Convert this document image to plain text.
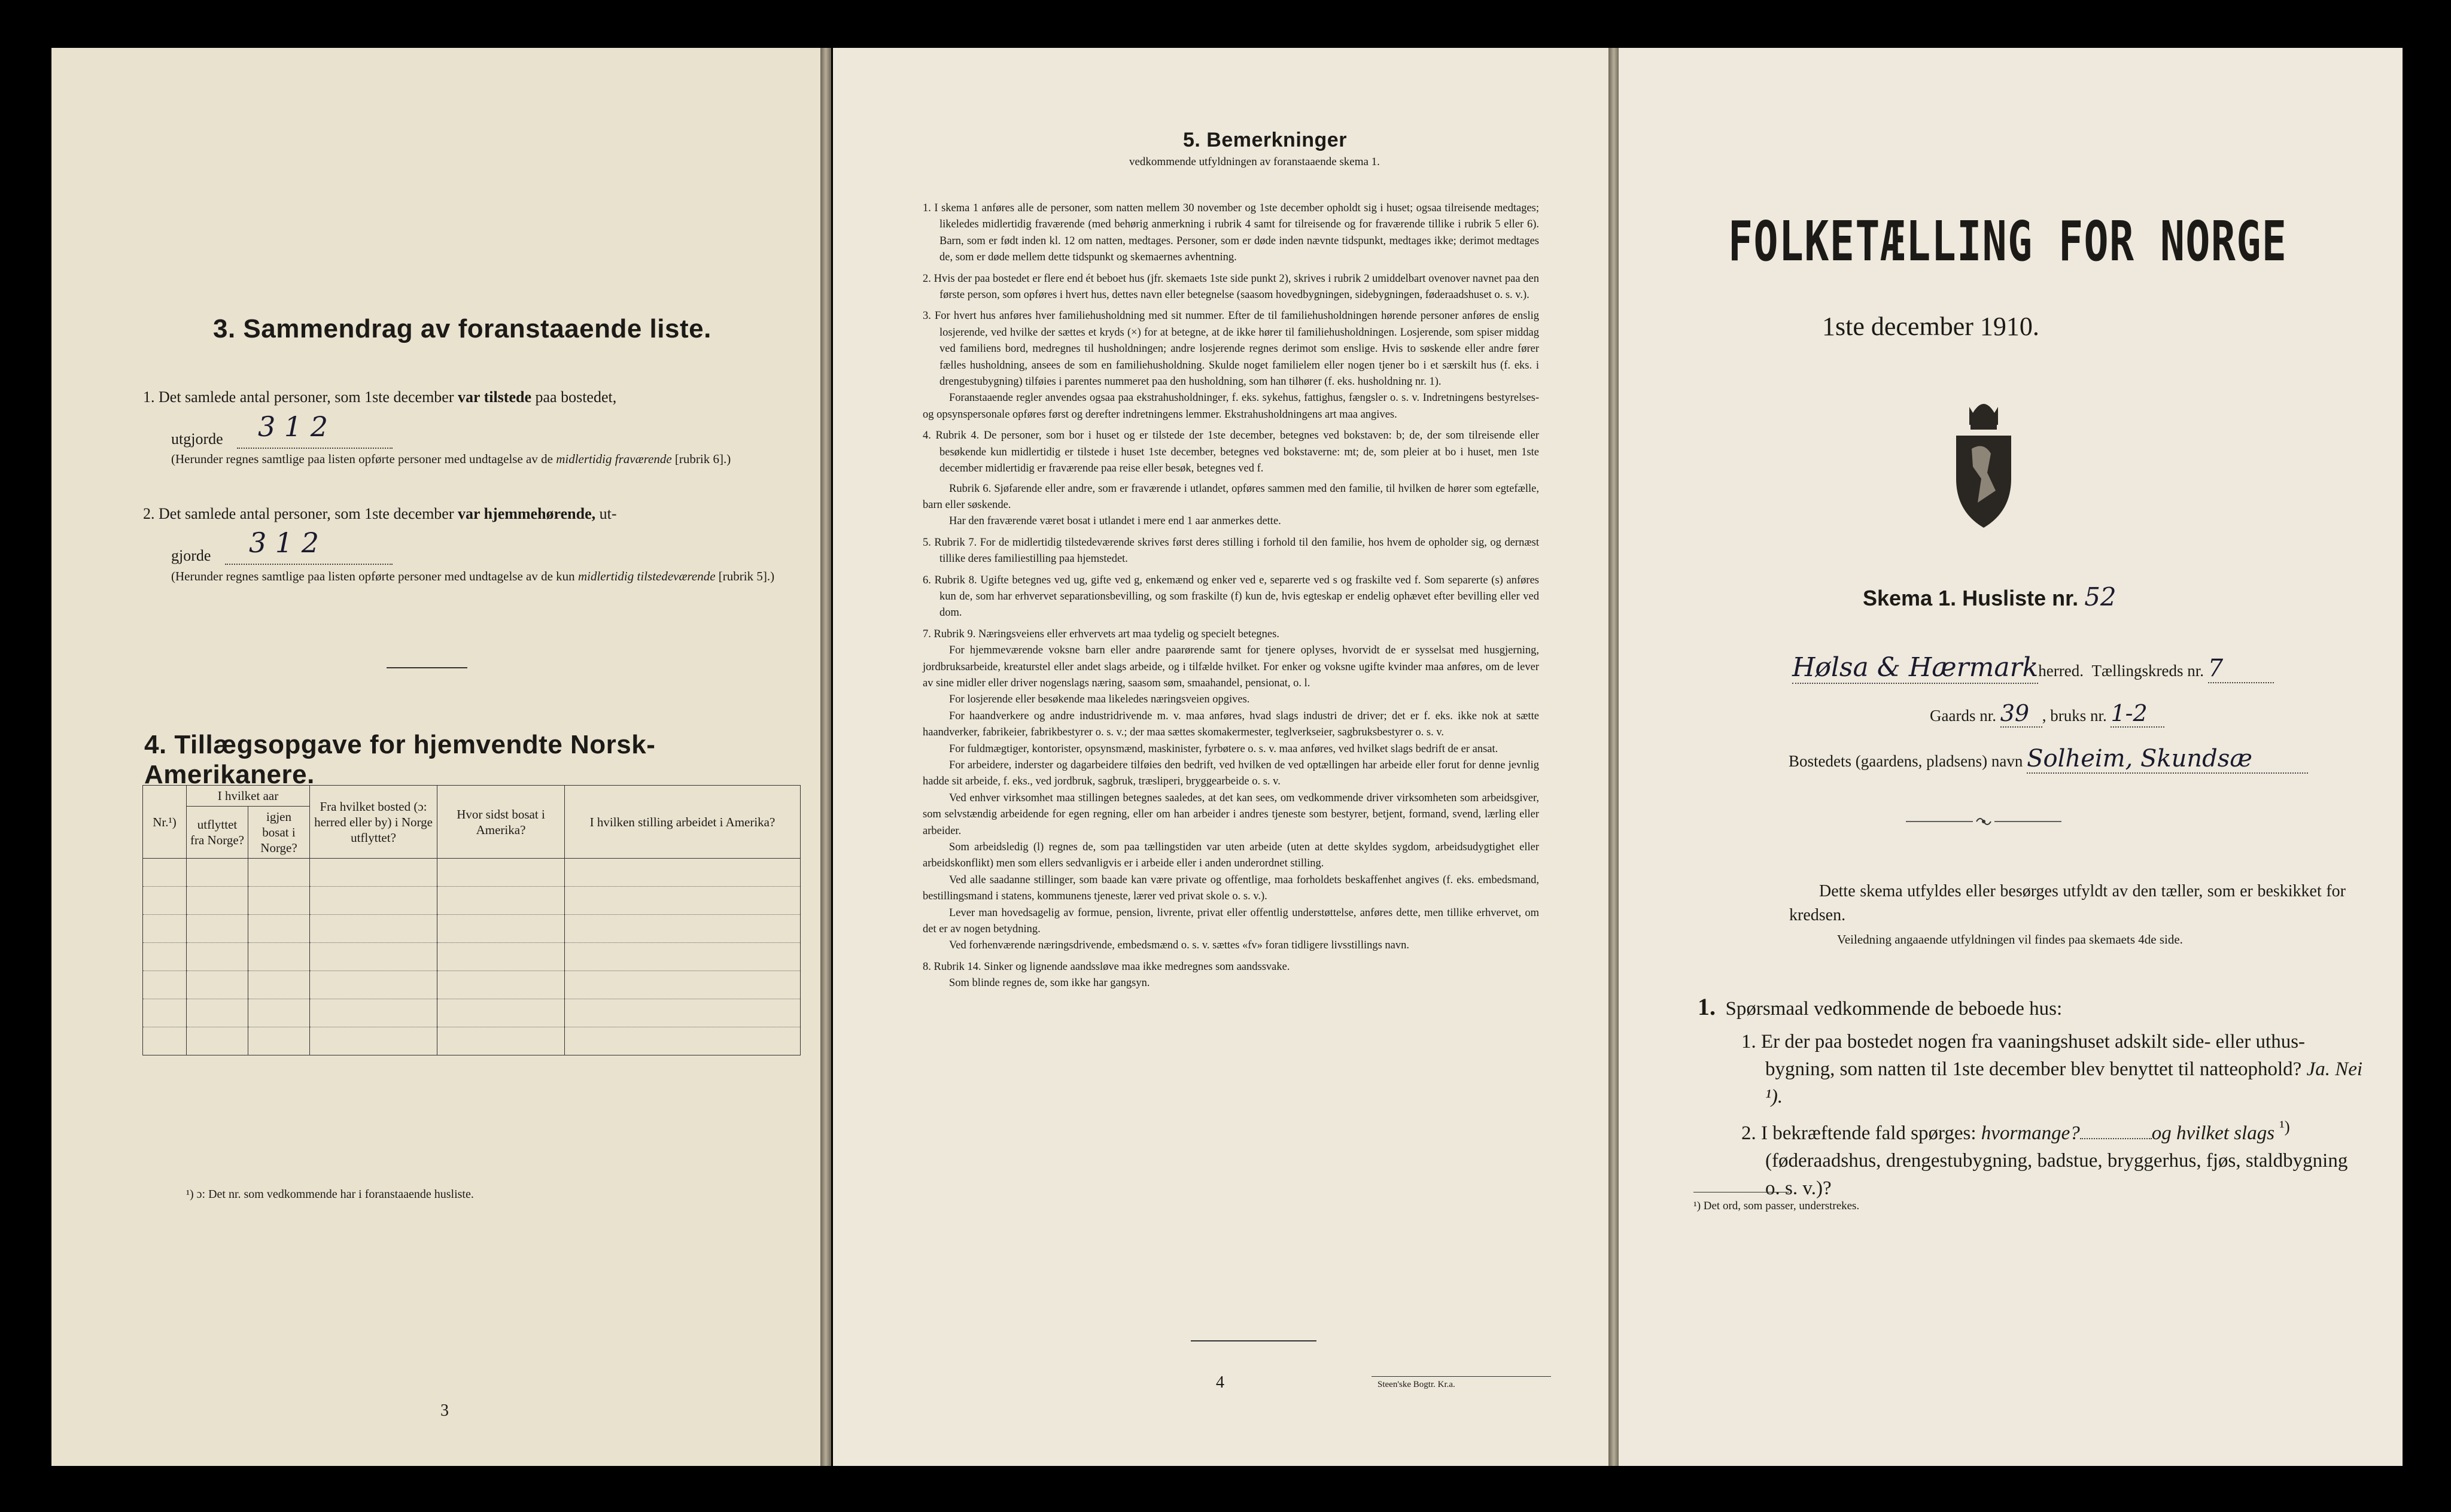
3. Sammendrag av foranstaaende liste.
1. Det samlede antal personer, som 1ste december var tilstede paa bostedet,
utgjorde 3 1 2
(Herunder regnes samtlige paa listen opførte personer med undtagelse av de midlertidig fraværende [rubrik 6].)
2. Det samlede antal personer, som 1ste december var hjemmehørende, ut-
gjorde 3 1 2
(Herunder regnes samtlige paa listen opførte personer med undtagelse av de kun midlertidig tilstedeværende [rubrik 5].)
4. Tillægsopgave for hjemvendte Norsk-Amerikanere.
Nr.¹)	I hvilket aar		Fra hvilket bosted (ɔ: herred eller by) i Norge utflyttet?	Hvor sidst bosat i Amerika?	I hvilken stilling arbeidet i Amerika?
	utflyttet fra Norge?	igjen bosat i Norge?			

¹) ɔ: Det nr. som vedkommende har i foranstaaende husliste.
3
5. Bemerkninger
vedkommende utfyldningen av foranstaaende skema 1.

1. I skema 1 anføres alle de personer, som natten mellem 30 november og 1ste december opholdt sig i huset; ogsaa tilreisende medtages; likeledes midlertidig fraværende (med behørig anmerkning i rubrik 4 samt for tilreisende og for fraværende tillike i rubrik 5 eller 6). Barn, som er født inden kl. 12 om natten, medtages. Personer, som er døde inden nævnte tidspunkt, medtages ikke; derimot medtages de, som er døde mellem dette tidspunkt og skemaernes avhentning.

2. Hvis der paa bostedet er flere end ét beboet hus (jfr. skemaets 1ste side punkt 2), skrives i rubrik 2 umiddelbart ovenover navnet paa den første person, som opføres i hvert hus, dettes navn eller betegnelse (saasom hovedbygningen, sidebygningen, føderaadshuset o. s. v.).

3. For hvert hus anføres hver familiehusholdning med sit nummer. Efter de til familiehusholdningen hørende personer anføres de enslig losjerende, ved hvilke der sættes et kryds (×) for at betegne, at de ikke hører til familiehusholdningen. Losjerende, som spiser middag ved familiens bord, medregnes til husholdningen; andre losjerende regnes derimot som enslige. Hvis to søskende eller andre fører fælles husholdning, ansees de som en familiehusholdning. Skulde noget familielem eller nogen tjener bo i et særskilt hus (f. eks. i drengestubygning) tilføies i parentes nummeret paa den husholdning, som han tilhører (f. eks. husholdning nr. 1).

Foranstaaende regler anvendes ogsaa paa ekstrahusholdninger, f. eks. sykehus, fattighus, fængsler o. s. v. Indretningens bestyrelses- og opsynspersonale opføres først og derefter indretningens lemmer. Ekstrahusholdningens art maa angives.

4. Rubrik 4. De personer, som bor i huset og er tilstede der 1ste december, betegnes ved bokstaven: b; de, der som tilreisende eller besøkende kun midlertidig er tilstede i huset 1ste december, betegnes ved bokstaverne: mt; de, som pleier at bo i huset, men 1ste december midlertidig er fraværende paa reise eller besøk, betegnes ved f.

Rubrik 6. Sjøfarende eller andre, som er fraværende i utlandet, opføres sammen med den familie, til hvilken de hører som egtefælle, barn eller søskende.

Har den fraværende været bosat i utlandet i mere end 1 aar anmerkes dette.

5. Rubrik 7. For de midlertidig tilstedeværende skrives først deres stilling i forhold til den familie, hos hvem de opholder sig, og dernæst tillike deres familiestilling paa hjemstedet.

6. Rubrik 8. Ugifte betegnes ved ug, gifte ved g, enkemænd og enker ved e, separerte ved s og fraskilte ved f. Som separerte (s) anføres kun de, som har erhvervet separationsbevilling, og som fraskilte (f) kun de, hvis egteskap er endelig ophævet efter bevilling eller ved dom.

7. Rubrik 9. Næringsveiens eller erhvervets art maa tydelig og specielt betegnes.

For hjemmeværende voksne barn eller andre paarørende samt for tjenere oplyses, hvorvidt de er sysselsat med husgjerning, jordbruksarbeide, kreaturstel eller andet slags arbeide, og i tilfælde hvilket. For enker og voksne ugifte kvinder maa anføres, om de lever av sine midler eller driver nogenslags næring, saasom søm, smaahandel, pensionat, o. l.

For losjerende eller besøkende maa likeledes næringsveien opgives.

For haandverkere og andre industridrivende m. v. maa anføres, hvad slags industri de driver; det er f. eks. ikke nok at sætte haandverker, fabrikeier, fabrikbestyrer o. s. v.; der maa sættes skomakermester, teglverkseier, sagbruksbestyrer o. s. v.

For fuldmægtiger, kontorister, opsynsmænd, maskinister, fyrbøtere o. s. v. maa anføres, ved hvilket slags bedrift de er ansat.

For arbeidere, inderster og dagarbeidere tilføies den bedrift, ved hvilken de ved optællingen har arbeide eller forut for denne jevnlig hadde sit arbeide, f. eks., ved jordbruk, sagbruk, træsliperi, bryggearbeide o. s. v.

Ved enhver virksomhet maa stillingen betegnes saaledes, at det kan sees, om vedkommende driver virksomheten som arbeidsgiver, som selvstændig arbeidende for egen regning, eller om han arbeider i andres tjeneste som bestyrer, betjent, formand, svend, lærling eller arbeider.

Som arbeidsledig (l) regnes de, som paa tællingstiden var uten arbeide (uten at dette skyldes sygdom, arbeidsudygtighet eller arbeidskonflikt) men som ellers sedvanligvis er i arbeide eller i anden underordnet stilling.

Ved alle saadanne stillinger, som baade kan være private og offentlige, maa forholdets beskaffenhet angives (f. eks. embedsmand, bestillingsmand i statens, kommunens tjeneste, lærer ved privat skole o. s. v.).

Lever man hovedsagelig av formue, pension, livrente, privat eller offentlig understøttelse, anføres dette, men tillike erhvervet, om det er av nogen betydning.

Ved forhenværende næringsdrivende, embedsmænd o. s. v. sættes «fv» foran tidligere livsstillings navn.

8. Rubrik 14. Sinker og lignende aandssløve maa ikke medregnes som aandssvake.

Som blinde regnes de, som ikke har gangsyn.

4	Steen'ske Bogtr. Kr.a.
FOLKETÆLLING FOR NORGE
1ste december 1910.
Skema 1. Husliste nr. 52
Hølsa & Hærmarkherred. Tællingskreds nr. 7
Gaards nr. 39 , bruks nr. 1-2
Bostedets (gaardens, pladsens) navn Solheim, Skundsæ
Dette skema utfyldes eller besørges utfyldt av den tæller, som er beskikket for kredsen.
Veiledning angaaende utfyldningen vil findes paa skemaets 4de side.
1. Spørsmaal vedkommende de beboede hus:
1. Er der paa bostedet nogen fra vaaningshuset adskilt side- eller uthus-bygning, som natten til 1ste december blev benyttet til natteophold? Ja. Nei ¹).
2. I bekræftende fald spørges: hvormange?	og hvilket slags $^{^1)}$ (føderaadshus, drengestubygning, badstue, bryggerhus, fjøs, staldbygning o. s. v.)?
¹) Det ord, som passer, understrekes.
